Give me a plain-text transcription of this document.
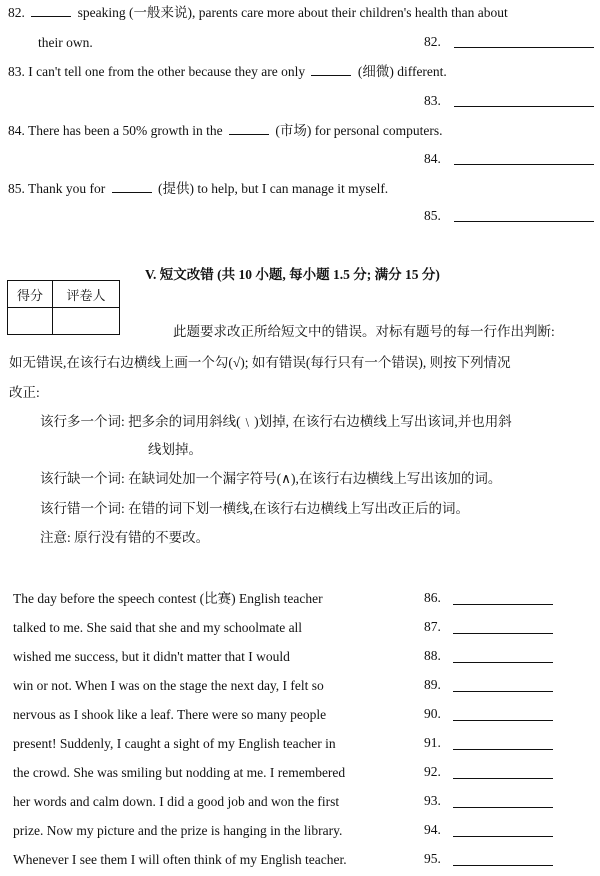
82.	speaking (一般来说), parents care more about their children's health than about
their own.	82.
83. I can't tell one from the other because they are only	(细微) different.
83.
84. There has been a 50% growth in the	(市场) for personal computers.
84.
85. Thank you for	(提供) to help, but I can manage it myself.
85.
V. 短文改错 (共 10 小题, 每小题 1.5 分; 满分 15 分)
得分	评卷人

此题要求改正所给短文中的错误。对标有题号的每一行作出判断:
如无错误,在该行右边横线上画一个勾(√); 如有错误(每行只有一个错误), 则按下列情况
改正:
该行多一个词: 把多余的词用斜线(﹨)划掉, 在该行右边横线上写出该词,并也用斜
线划掉。
该行缺一个词: 在缺词处加一个漏字符号(∧),在该行右边横线上写出该加的词。
该行错一个词: 在错的词下划一横线,在该行右边横线上写出改正后的词。
注意: 原行没有错的不要改。
The day before the speech contest (比赛) English teacher	86.
talked to me. She said that she and my schoolmate all	87.
wished me success, but it didn't matter that I would	88.
win or not. When I was on the stage the next day, I felt so	89.
nervous as I shook like a leaf. There were so many people	90.
present! Suddenly, I caught a sight of my English teacher in	91.
the crowd. She was smiling but nodding at me. I remembered	92.
her words and calm down. I did a good job and won the first	93.
prize. Now my picture and the prize is hanging in the library.	94.
Whenever I see them I will often think of my English teacher.	95.
